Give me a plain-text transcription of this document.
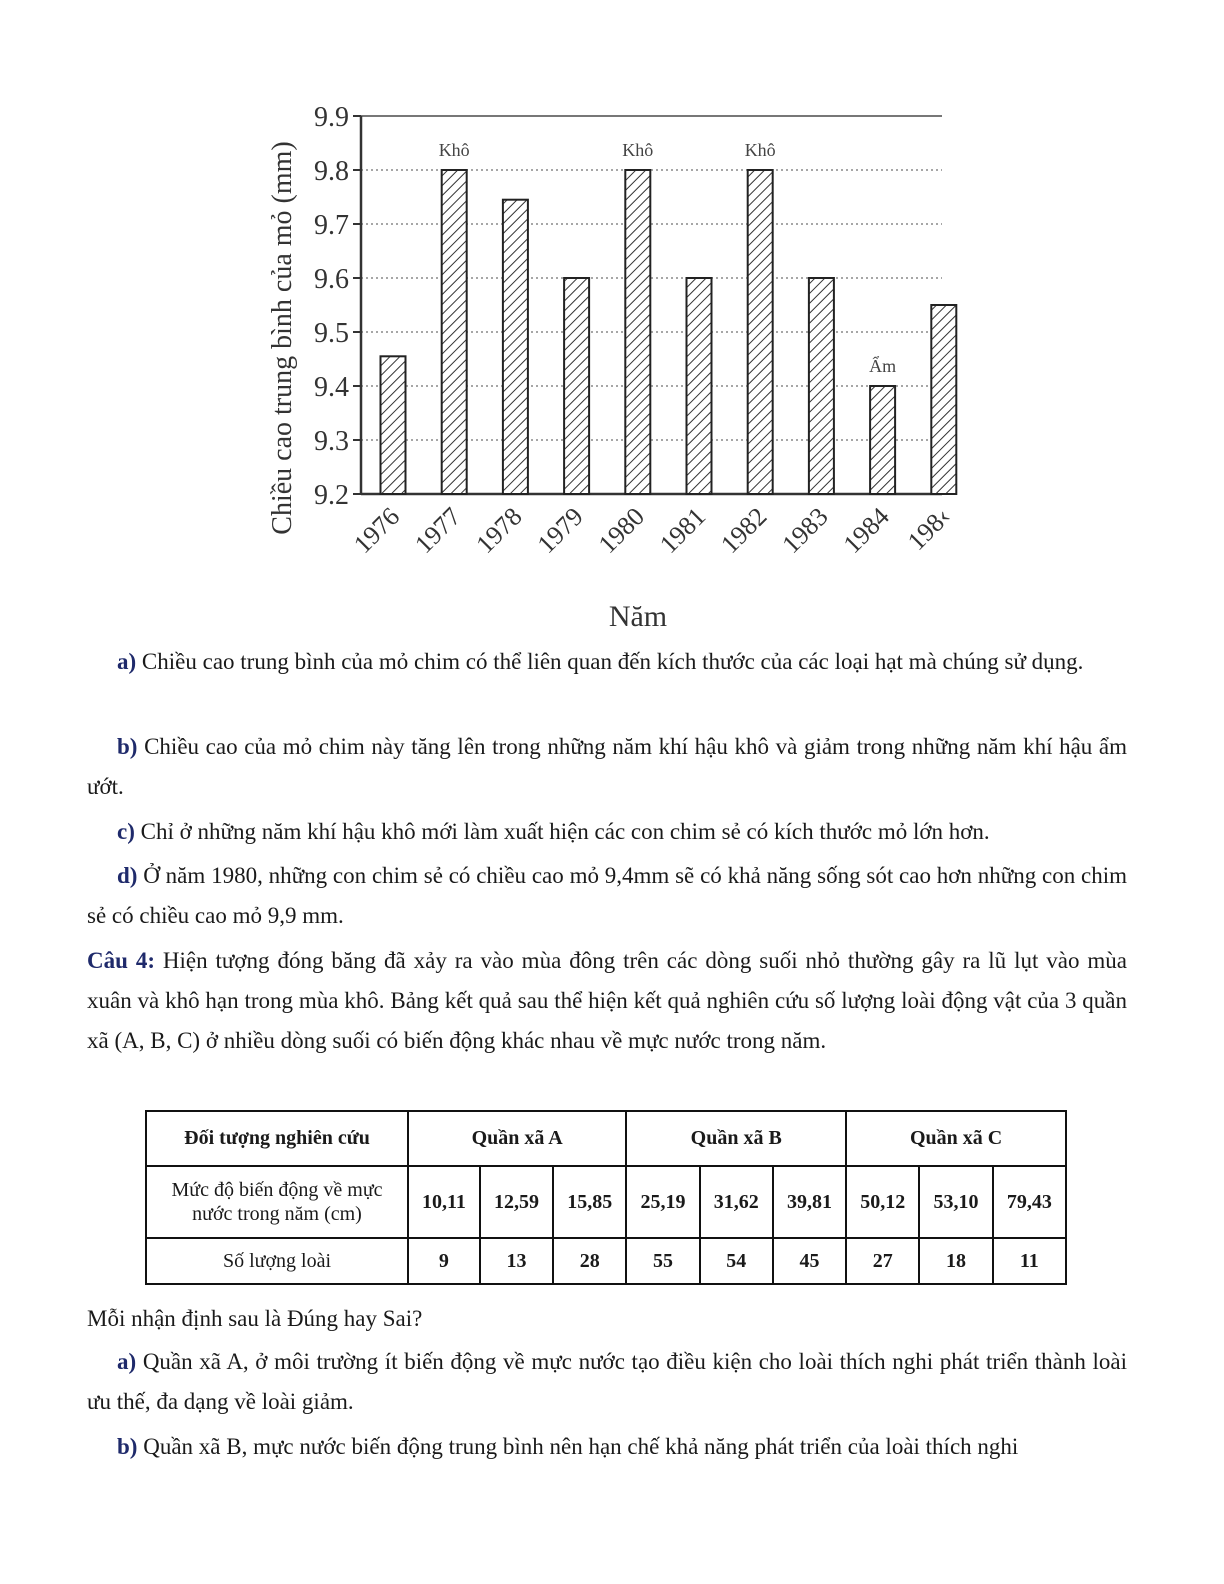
9.2
9.3
9.4
9.5
9.6
9.7
9.8
9.9
1976
Khô
1977 1978 1979
Khô
1980 1981
Khô
1982 1983
Ẩm
1984 198‹
Chiều cao trung bình của mỏ (mm)
Năm

a) Chiều cao trung bình của mỏ chim có thể liên quan đến kích thước của các loại hạt mà chúng sử dụng.

b) Chiều cao của mỏ chim này tăng lên trong những năm khí hậu khô và giảm trong những năm khí hậu ẩm ướt.

c) Chỉ ở những năm khí hậu khô mới làm xuất hiện các con chim sẻ có kích thước mỏ lớn hơn.

d) Ở năm 1980, những con chim sẻ có chiều cao mỏ 9,4mm sẽ có khả năng sống sót cao hơn những con chim sẻ có chiều cao mỏ 9,9 mm.

Câu 4: Hiện tượng đóng băng đã xảy ra vào mùa đông trên các dòng suối nhỏ thường gây ra lũ lụt vào mùa xuân và khô hạn trong mùa khô. Bảng kết quả sau thể hiện kết quả nghiên cứu số lượng loài động vật của 3 quần xã (A, B, C) ở nhiều dòng suối có biến động khác nhau về mực nước trong năm.

Đối tượng nghiên cứu	Quần xã A			Quần xã B			Quần xã C		
Mức độ biến động về mực nước trong năm (cm)	10,11	12,59	15,85	25,19	31,62	39,81	50,12	53,10	79,43
Số lượng loài	9	13	28	55	54	45	27	18	11

Mỗi nhận định sau là Đúng hay Sai?

a) Quần xã A, ở môi trường ít biến động về mực nước tạo điều kiện cho loài thích nghi phát triển thành loài ưu thế, đa dạng về loài giảm.

b) Quần xã B, mực nước biến động trung bình nên hạn chế khả năng phát triển của loài thích nghi
